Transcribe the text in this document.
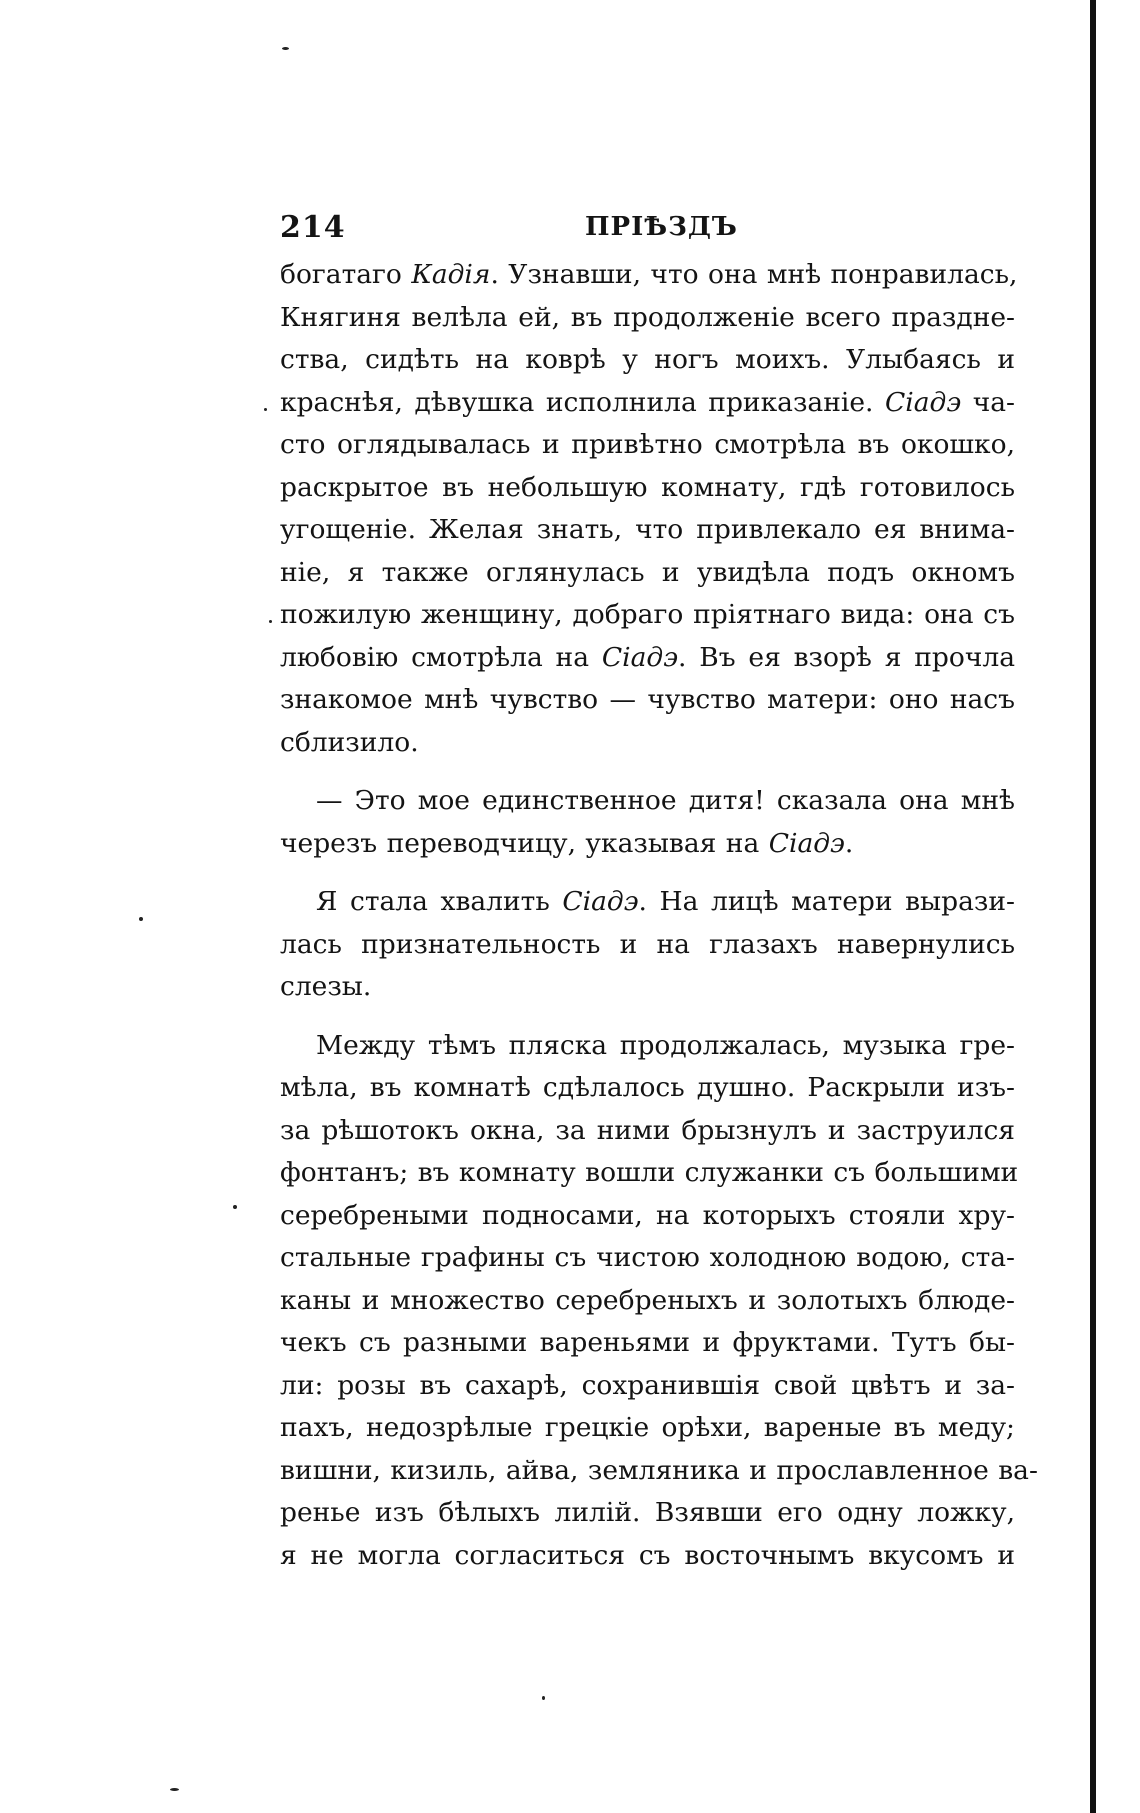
214	ПРІѢЗДЪ

богатаго Кадія. Узнавши, что она мнѣ понравилась,
Княгиня велѣла ей, въ продолженіе всего праздне-
ства, сидѣть на коврѣ у ногъ моихъ. Улыбаясь и
краснѣя, дѣвушка исполнила приказаніе. Сіадэ ча-
сто оглядывалась и привѣтно смотрѣла въ окошко,
раскрытое въ небольшую комнату, гдѣ готовилось
угощеніе. Желая знать, что привлекало ея внима-
ніе, я также оглянулась и увидѣла подъ окномъ
пожилую женщину, добраго пріятнаго вида: она съ
любовію смотрѣла на Сіадэ. Въ ея взорѣ я прочла
знакомое мнѣ чувство — чувство матери: оно насъ
сблизило.

— Это мое единственное дитя! сказала она мнѣ
черезъ переводчицу, указывая на Сіадэ.

Я стала хвалить Сіадэ. На лицѣ матери вырази-
лась признательность и на глазахъ навернулись
слезы.

Между тѣмъ пляска продолжалась, музыка гре-
мѣла, въ комнатѣ сдѣлалось душно. Раскрыли изъ-
за рѣшотокъ окна, за ними брызнулъ и заструился
фонтанъ; въ комнату вошли служанки съ большими
серебреными подносами, на которыхъ стояли хру-
стальные графины съ чистою холодною водою, ста-
каны и множество серебреныхъ и золотыхъ блюде-
чекъ съ разными вареньями и фруктами. Тутъ бы-
ли: розы въ сахарѣ, сохранившія свой цвѣтъ и за-
пахъ, недозрѣлые грецкіе орѣхи, вареные въ меду;
вишни, кизиль, айва, земляника и прославленное ва-
ренье изъ бѣлыхъ лилій. Взявши его одну ложку,
я не могла согласиться съ восточнымъ вкусомъ и
